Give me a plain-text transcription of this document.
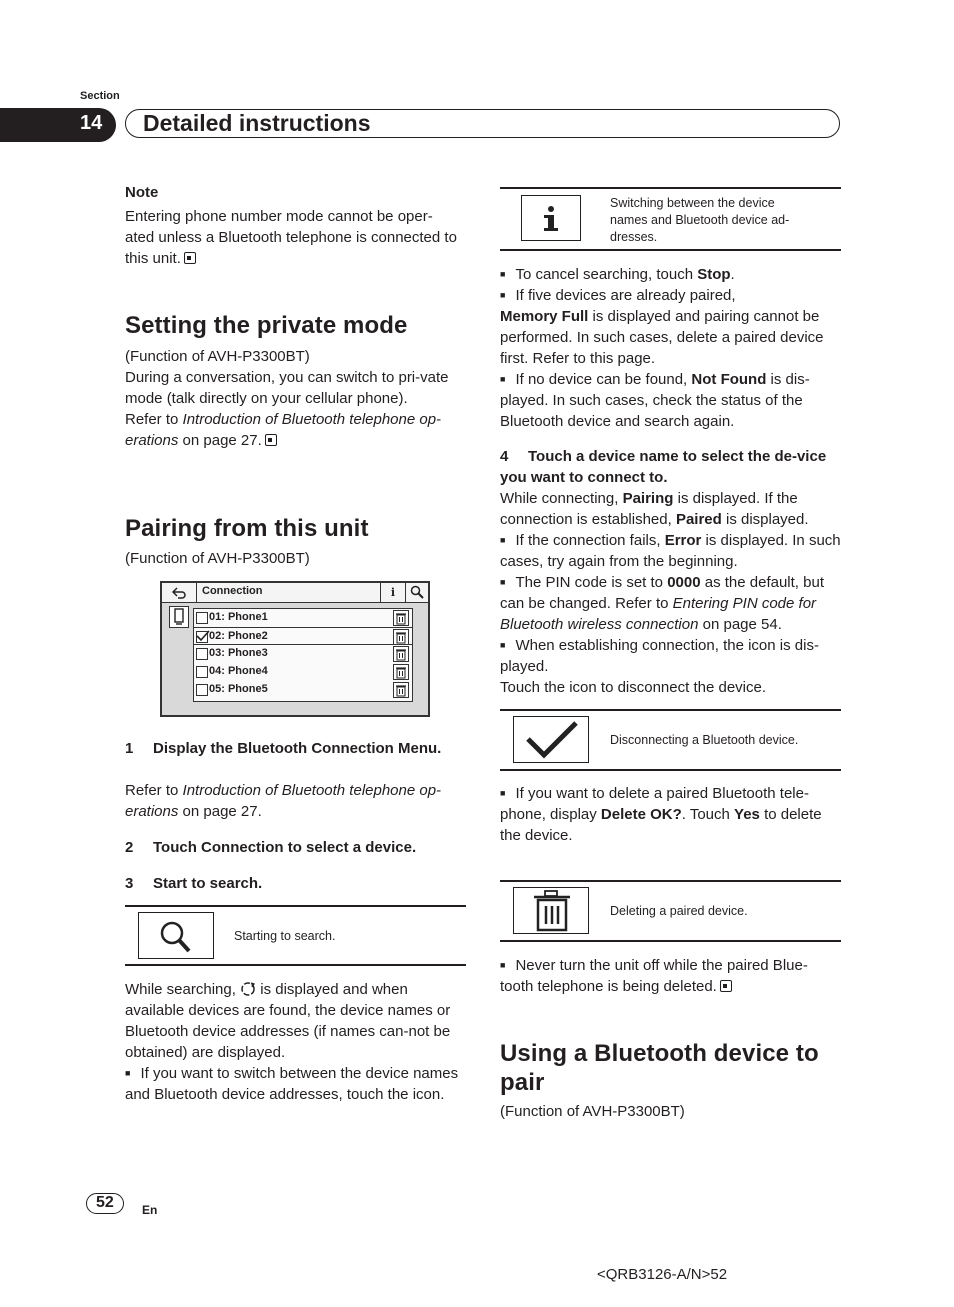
Section
14 Detailed instructions
Note
Entering phone number mode cannot be oper-ated unless a Bluetooth telephone is connected to this unit.
Setting the private mode
(Function of AVH-P3300BT)
During a conversation, you can switch to pri-vate mode (talk directly on your cellular phone).
Refer to Introduction of Bluetooth telephone op-erations on page 27.
Pairing from this unit
(Function of AVH-P3300BT)
Connection	i
01: Phone1
02: Phone2
03: Phone3
04: Phone4
05: Phone5
1 Display the Bluetooth Connection Menu.
Refer to Introduction of Bluetooth telephone op-erations on page 27.
2 Touch Connection to select a device.
3 Start to search.
Starting to search.
While searching, is displayed and when available devices are found, the device names or Bluetooth device addresses (if names can-not be obtained) are displayed.
■ If you want to switch between the device names and Bluetooth device addresses, touch the icon.
52 En
Switching between the device names and Bluetooth device ad-dresses.
■ To cancel searching, touch Stop.
■ If five devices are already paired,
Memory Full is displayed and pairing cannot be performed. In such cases, delete a paired device first. Refer to this page.
■ If no device can be found, Not Found is dis-played. In such cases, check the status of the Bluetooth device and search again.
4 Touch a device name to select the de-vice you want to connect to.
While connecting, Pairing is displayed. If the connection is established, Paired is displayed.
■ If the connection fails, Error is displayed. In such cases, try again from the beginning.
■ The PIN code is set to 0000 as the default, but can be changed. Refer to Entering PIN code for Bluetooth wireless connection on page 54.
■ When establishing connection, the icon is dis-played.
Touch the icon to disconnect the device.
Disconnecting a Bluetooth device.
■ If you want to delete a paired Bluetooth tele-phone, display Delete OK?. Touch Yes to delete the device.
Deleting a paired device.
■ Never turn the unit off while the paired Blue-tooth telephone is being deleted.
Using a Bluetooth device to pair
(Function of AVH-P3300BT)
<QRB3126-A/N>52
